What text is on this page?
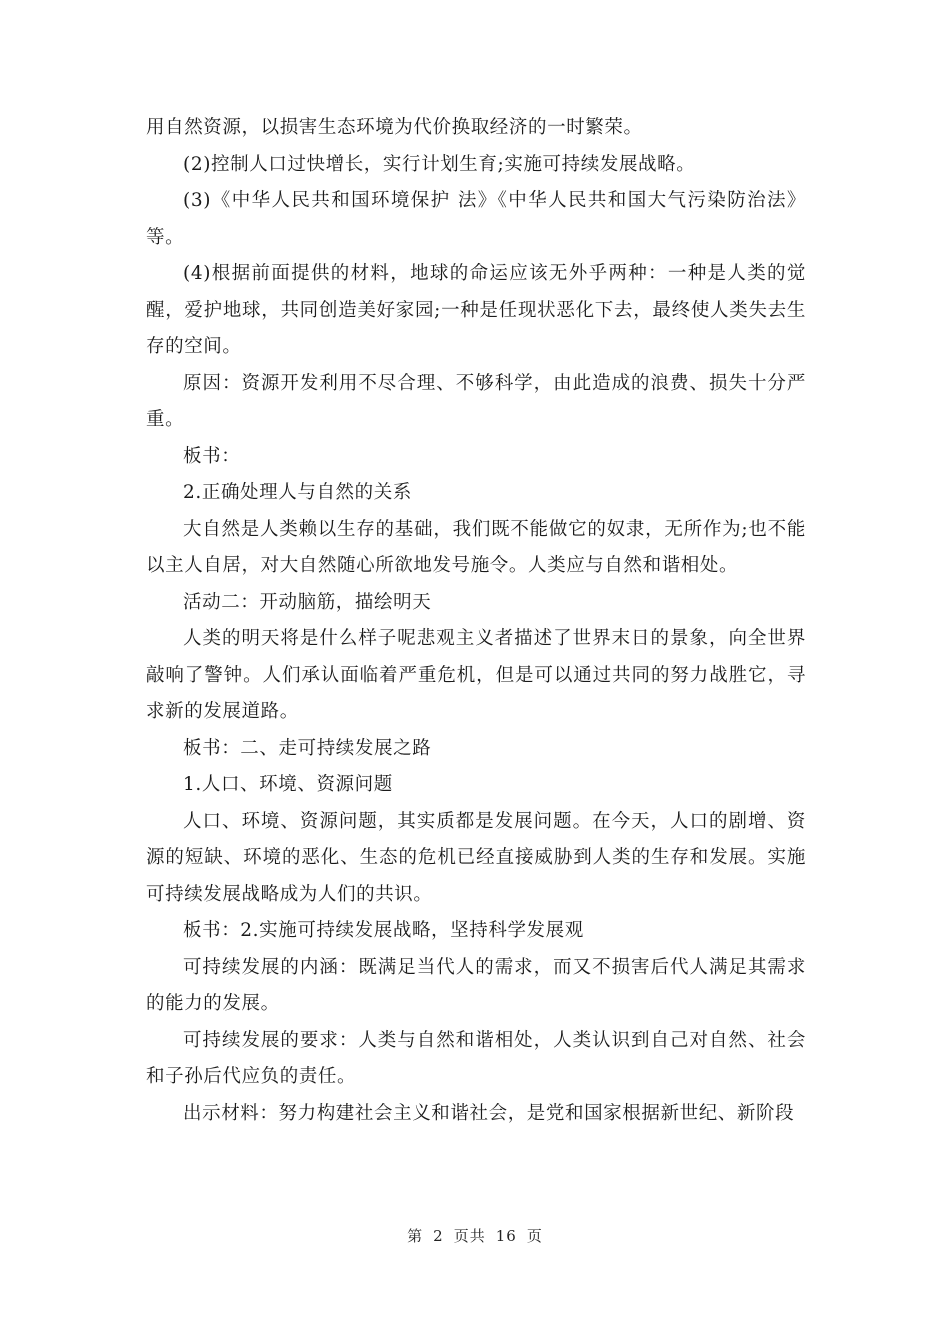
用自然资源，以损害生态环境为代价换取经济的一时繁荣。

(2)控制人口过快增长，实行计划生育;实施可持续发展战略。

(3)《中华人民共和国环境保护 法》《中华人民共和国大气污染防治法》等。

(4)根据前面提供的材料，地球的命运应该无外乎两种：一种是人类的觉醒，爱护地球，共同创造美好家园;一种是任现状恶化下去，最终使人类失去生存的空间。

原因：资源开发利用不尽合理、不够科学，由此造成的浪费、损失十分严重。

板书：

2.正确处理人与自然的关系

大自然是人类赖以生存的基础，我们既不能做它的奴隶，无所作为;也不能以主人自居，对大自然随心所欲地发号施令。人类应与自然和谐相处。

活动二：开动脑筋，描绘明天

人类的明天将是什么样子呢悲观主义者描述了世界末日的景象，向全世界敲响了警钟。人们承认面临着严重危机，但是可以通过共同的努力战胜它，寻求新的发展道路。

板书：二、走可持续发展之路

1.人口、环境、资源问题

人口、环境、资源问题，其实质都是发展问题。在今天，人口的剧增、资源的短缺、环境的恶化、生态的危机已经直接威胁到人类的生存和发展。实施可持续发展战略成为人们的共识。

板书：2.实施可持续发展战略，坚持科学发展观

可持续发展的内涵：既满足当代人的需求，而又不损害后代人满足其需求的能力的发展。

可持续发展的要求：人类与自然和谐相处，人类认识到自己对自然、社会和子孙后代应负的责任。

出示材料：努力构建社会主义和谐社会，是党和国家根据新世纪、新阶段

第 2 页共 16 页
